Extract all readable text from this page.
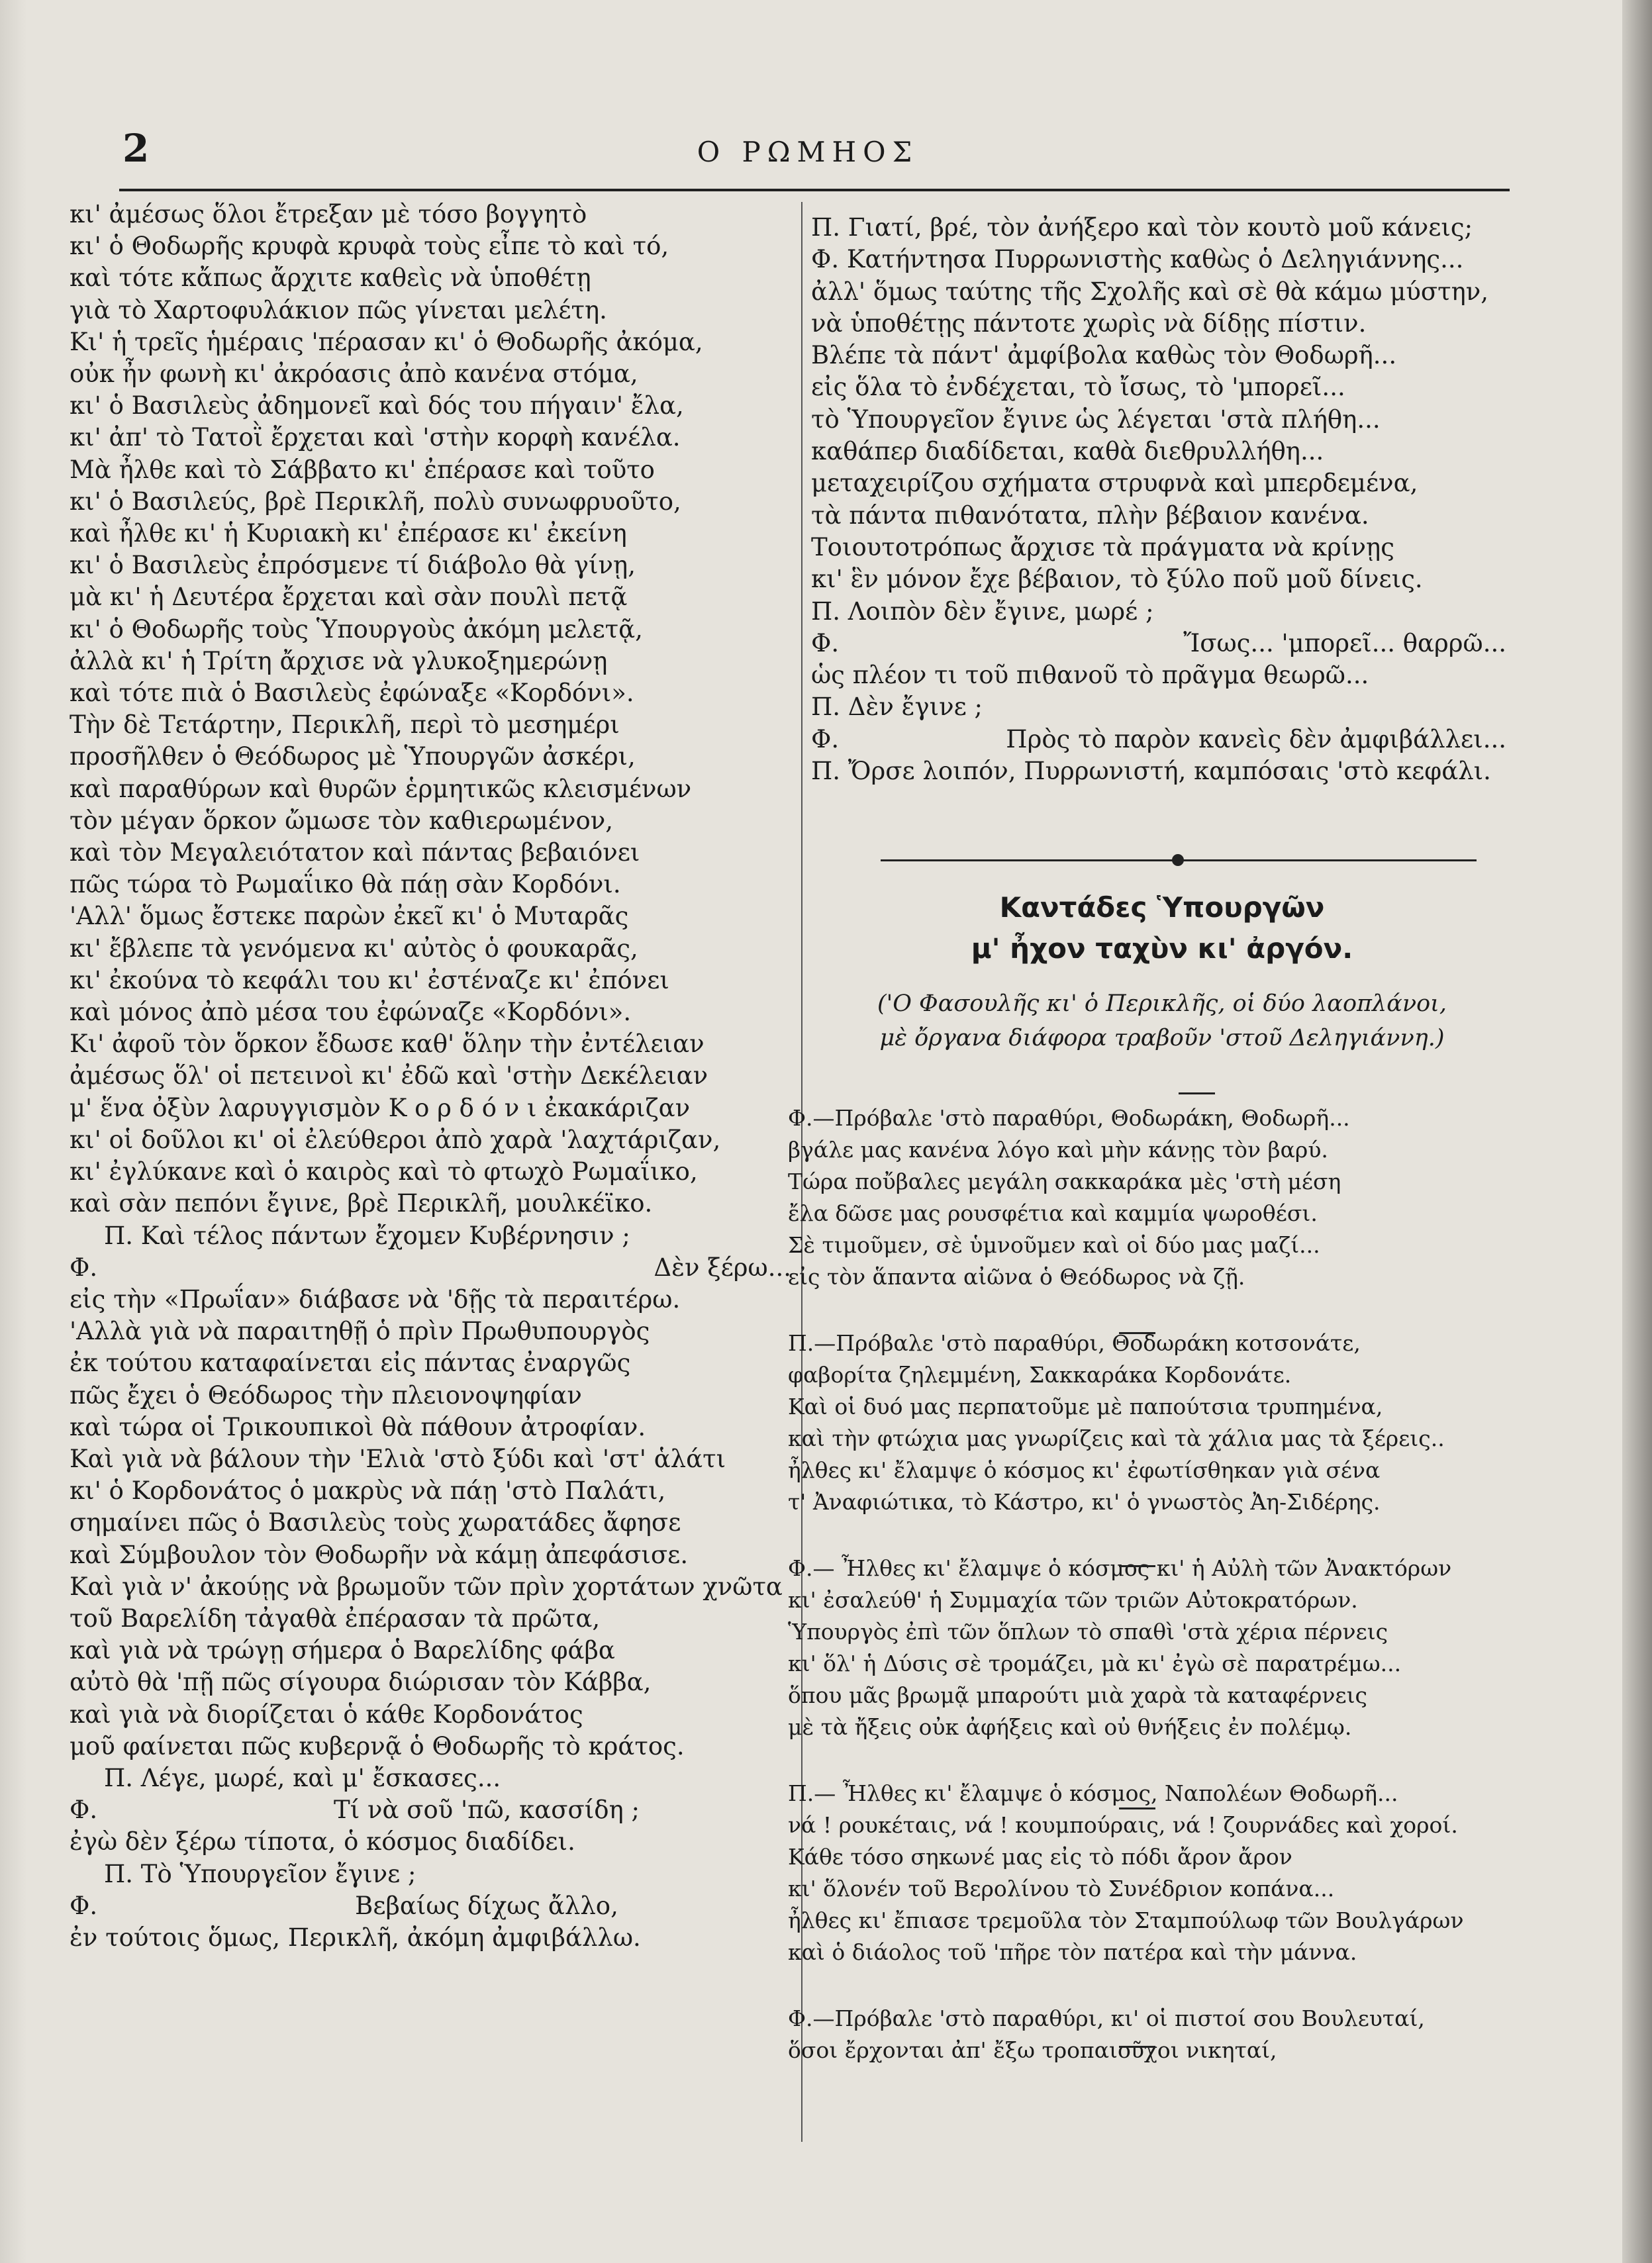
2	Ο ΡΩΜΗΟΣ
κι' ἀμέσως ὅλοι ἔτρεξαν μὲ τόσο βογγητὸ
κι' ὁ Θοδωρῆς κρυφὰ κρυφὰ τοὺς εἶπε τὸ καὶ τό,
καὶ τότε κἄπως ἄρχιτε καθεὶς νὰ ὑποθέτῃ
γιὰ τὸ Χαρτοφυλάκιον πῶς γίνεται μελέτη.
Κι' ἡ τρεῖς ἡμέραις 'πέρασαν κι' ὁ Θοδωρῆς ἀκόμα,
οὐκ ἦν φωνὴ κι' ἀκρόασις ἀπὸ κανένα στόμα,
κι' ὁ Βασιλεὺς ἀδημονεῖ καὶ δός του πήγαιν' ἔλα,
κι' ἀπ' τὸ Τατοῒ ἔρχεται καὶ 'στὴν κορφὴ κανέλα.
Μὰ ἦλθε καὶ τὸ Σάββατο κι' ἐπέρασε καὶ τοῦτο
κι' ὁ Βασιλεύς, βρὲ Περικλῆ, πολὺ συνωφρυοῦτο,
καὶ ἦλθε κι' ἡ Κυριακὴ κι' ἐπέρασε κι' ἐκείνη
κι' ὁ Βασιλεὺς ἐπρόσμενε τί διάβολο θὰ γίνῃ,
μὰ κι' ἡ Δευτέρα ἔρχεται καὶ σὰν πουλὶ πετᾷ
κι' ὁ Θοδωρῆς τοὺς Ὑπουργοὺς ἀκόμη μελετᾷ,
ἀλλὰ κι' ἡ Τρίτη ἄρχισε νὰ γλυκοξημερώνῃ
καὶ τότε πιὰ ὁ Βασιλεὺς ἐφώναξε «Κορδόνι».
Τὴν δὲ Τετάρτην, Περικλῆ, περὶ τὸ μεσημέρι
προσῆλθεν ὁ Θεόδωρος μὲ Ὑπουργῶν ἀσκέρι,
καὶ παραθύρων καὶ θυρῶν ἑρμητικῶς κλεισμένων
τὸν μέγαν ὅρκον ὤμωσε τὸν καθιερωμένον,
καὶ τὸν Μεγαλειότατον καὶ πάντας βεβαιόνει
πῶς τώρα τὸ Ρωμαΐικο θὰ πάῃ σὰν Κορδόνι.
'Αλλ' ὅμως ἔστεκε παρὼν ἐκεῖ κι' ὁ Μυταρᾶς
κι' ἔβλεπε τὰ γενόμενα κι' αὐτὸς ὁ φουκαρᾶς,
κι' ἐκούνα τὸ κεφάλι του κι' ἐστέναζε κι' ἐπόνει
καὶ μόνος ἀπὸ μέσα του ἐφώναζε «Κορδόνι».
Κι' ἀφοῦ τὸν ὅρκον ἔδωσε καθ' ὅλην τὴν ἐντέλειαν
ἀμέσως ὅλ' οἱ πετεινοὶ κι' ἐδῶ καὶ 'στὴν Δεκέλειαν
μ' ἕνα ὀξὺν λαρυγγισμὸν Κ ο ρ δ ό ν ι ἐκακάριζαν
κι' οἱ δοῦλοι κι' οἱ ἐλεύθεροι ἀπὸ χαρὰ 'λαχτάριζαν,
κι' ἐγλύκανε καὶ ὁ καιρὸς καὶ τὸ φτωχὸ Ρωμαΐικο,
καὶ σὰν πεπόνι ἔγινε, βρὲ Περικλῆ, μουλκέϊκο.
Π. Καὶ τέλος πάντων ἔχομεν Κυβέρνησιν ;
Φ.	Δὲν ξέρω...
εἰς τὴν «Πρωΐαν» διάβασε νὰ 'δῇς τὰ περαιτέρω.
'Αλλὰ γιὰ νὰ παραιτηθῇ ὁ πρὶν Πρωθυπουργὸς
ἐκ τούτου καταφαίνεται εἰς πάντας ἐναργῶς
πῶς ἔχει ὁ Θεόδωρος τὴν πλειονοψηφίαν
καὶ τώρα οἱ Τρικουπικοὶ θὰ πάθουν ἀτροφίαν.
Καὶ γιὰ νὰ βάλουν τὴν 'Ελιὰ 'στὸ ξύδι καὶ 'στ' ἁλάτι
κι' ὁ Κορδονάτος ὁ μακρὺς νὰ πάῃ 'στὸ Παλάτι,
σημαίνει πῶς ὁ Βασιλεὺς τοὺς χωρατάδες ἄφησε
καὶ Σύμβουλον τὸν Θοδωρῆν νὰ κάμῃ ἀπεφάσισε.
Καὶ γιὰ ν' ἀκούῃς νὰ βρωμοῦν τῶν πρὶν χορτάτων χνῶτα
τοῦ Βαρελίδη τἀγαθὰ ἐπέρασαν τὰ πρῶτα,
καὶ γιὰ νὰ τρώγῃ σήμερα ὁ Βαρελίδης φάβα
αὐτὸ θὰ 'πῇ πῶς σίγουρα διώρισαν τὸν Κάββα,
καὶ γιὰ νὰ διορίζεται ὁ κάθε Κορδονάτος
μοῦ φαίνεται πῶς κυβερνᾷ ὁ Θοδωρῆς τὸ κράτος.
Π. Λέγε, μωρέ, καὶ μ' ἔσκασες...
Φ.	Τί νὰ σοῦ 'πῶ, κασσίδη ;
ἐγὼ δὲν ξέρω τίποτα, ὁ κόσμος διαδίδει.
Π. Τὸ Ὑπουργεῖον ἔγινε ;
Φ.	Βεβαίως δίχως ἄλλο,
ἐν τούτοις ὅμως, Περικλῆ, ἀκόμη ἀμφιβάλλω.
Π. Γιατί, βρέ, τὸν ἀνήξερο καὶ τὸν κουτὸ μοῦ κάνεις;
Φ. Κατήντησα Πυρρωνιστὴς καθὼς ὁ Δεληγιάννης...
ἀλλ' ὅμως ταύτης τῆς Σχολῆς καὶ σὲ θὰ κάμω μύστην,
νὰ ὑποθέτῃς πάντοτε χωρὶς νὰ δίδῃς πίστιν.
Βλέπε τὰ πάντ' ἀμφίβολα καθὼς τὸν Θοδωρῆ...
εἰς ὅλα τὸ ἐνδέχεται, τὸ ἴσως, τὸ 'μπορεῖ...
τὸ Ὑπουργεῖον ἔγινε ὡς λέγεται 'στὰ πλήθη...
καθάπερ διαδίδεται, καθὰ διεθρυλλήθη...
μεταχειρίζου σχήματα στρυφνὰ καὶ μπερδεμένα,
τὰ πάντα πιθανότατα, πλὴν βέβαιον κανένα.
Τοιουτοτρόπως ἄρχισε τὰ πράγματα νὰ κρίνῃς
κι' ἓν μόνον ἔχε βέβαιον, τὸ ξύλο ποῦ μοῦ δίνεις.
Π. Λοιπὸν δὲν ἔγινε, μωρέ ;
Φ.	Ἴσως... 'μπορεῖ... θαρρῶ...
ὡς πλέον τι τοῦ πιθανοῦ τὸ πρᾶγμα θεωρῶ...
Π. Δὲν ἔγινε ;
Φ.	Πρὸς τὸ παρὸν κανεὶς δὲν ἀμφιβάλλει...
Π. Ὄρσε λοιπόν, Πυρρωνιστή, καμπόσαις 'στὸ κεφάλι.
Καντάδες Ὑπουργῶν
μ' ἦχον ταχὺν κι' ἀργόν.
('Ο Φασουλῆς κι' ὁ Περικλῆς, οἱ δύο λαοπλάνοι,
μὲ ὄργανα διάφορα τραβοῦν 'στοῦ Δεληγιάννη.)
Φ.—Πρόβαλε 'στὸ παραθύρι, Θοδωράκη, Θοδωρῆ...
βγάλε μας κανένα λόγο καὶ μὴν κάνῃς τὸν βαρύ.
Τώρα ποὔβαλες μεγάλη σακκαράκα μὲς 'στὴ μέση
ἔλα δῶσε μας ρουσφέτια καὶ καμμία ψωροθέσι.
Σὲ τιμοῦμεν, σὲ ὑμνοῦμεν καὶ οἱ δύο μας μαζί...
εἰς τὸν ἅπαντα αἰῶνα ὁ Θεόδωρος νὰ ζῇ.
Π.—Πρόβαλε 'στὸ παραθύρι, Θοδωράκη κοτσονάτε,
φαβορίτα ζηλεμμένη, Σακκαράκα Κορδονάτε.
Καὶ οἱ δυό μας περπατοῦμε μὲ παπούτσια τρυπημένα,
καὶ τὴν φτώχια μας γνωρίζεις καὶ τὰ χάλια μας τὰ ξέρεις..
ἦλθες κι' ἔλαμψε ὁ κόσμος κι' ἐφωτίσθηκαν γιὰ σένα
τ' Ἀναφιώτικα, τὸ Κάστρο, κι' ὁ γνωστὸς Ἀη-Σιδέρης.
Φ.— Ἦλθες κι' ἔλαμψε ὁ κόσμος κι' ἡ Αὐλὴ τῶν Ἀνακτόρων
κι' ἐσαλεύθ' ἡ Συμμαχία τῶν τριῶν Αὐτοκρατόρων.
Ὑπουργὸς ἐπὶ τῶν ὅπλων τὸ σπαθὶ 'στὰ χέρια πέρνεις
κι' ὅλ' ἡ Δύσις σὲ τρομάζει, μὰ κι' ἐγὼ σὲ παρατρέμω...
ὅπου μᾶς βρωμᾷ μπαρούτι μιὰ χαρὰ τὰ καταφέρνεις
μὲ τὰ ἤξεις οὐκ ἀφήξεις καὶ οὐ θνήξεις ἐν πολέμῳ.
Π.— Ἦλθες κι' ἔλαμψε ὁ κόσμος, Ναπολέων Θοδωρῆ...
νά ! ρουκέταις, νά ! κουμπούραις, νά ! ζουρνάδες καὶ χοροί.
Κάθε τόσο σηκωνέ μας εἰς τὸ πόδι ἄρον ἄρον
κι' ὅλονέν τοῦ Βερολίνου τὸ Συνέδριον κοπάνα...
ἦλθες κι' ἔπιασε τρεμοῦλα τὸν Σταμπούλωφ τῶν Βουλγάρων
καὶ ὁ διάολος τοῦ 'πῆρε τὸν πατέρα καὶ τὴν μάννα.
Φ.—Πρόβαλε 'στὸ παραθύρι, κι' οἱ πιστοί σου Βουλευταί,
ὅσοι ἔρχονται ἀπ' ἔξω τροπαιοῦχοι νικηταί,
